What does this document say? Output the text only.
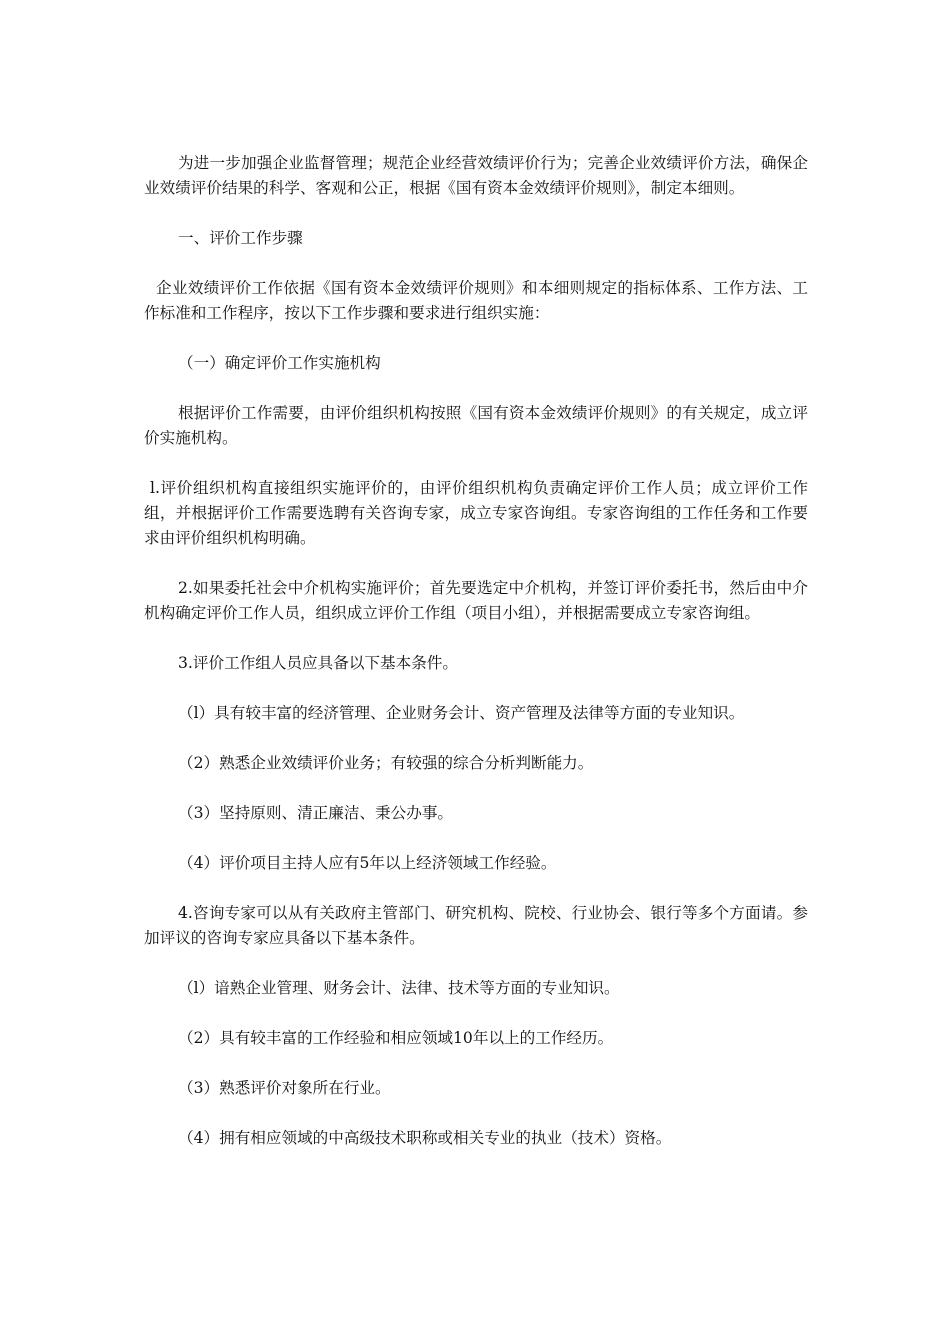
为进一步加强企业监督管理；规范企业经营效绩评价行为；完善企业效绩评价方法，确保企业效绩评价结果的科学、客观和公正，根据《国有资本金效绩评价规则》，制定本细则。

一、评价工作步骤

企业效绩评价工作依据《国有资本金效绩评价规则》和本细则规定的指标体系、工作方法、工作标准和工作程序，按以下工作步骤和要求进行组织实施：

（一）确定评价工作实施机构

根据评价工作需要，由评价组织机构按照《国有资本金效绩评价规则》的有关规定，成立评价实施机构。

l.评价组织机构直接组织实施评价的，由评价组织机构负责确定评价工作人员；成立评价工作组，并根据评价工作需要选聘有关咨询专家，成立专家咨询组。专家咨询组的工作任务和工作要求由评价组织机构明确。

2.如果委托社会中介机构实施评价；首先要选定中介机构，并签订评价委托书，然后由中介机构确定评价工作人员，组织成立评价工作组（项目小组），并根据需要成立专家咨询组。

3.评价工作组人员应具备以下基本条件。

（l）具有较丰富的经济管理、企业财务会计、资产管理及法律等方面的专业知识。

（2）熟悉企业效绩评价业务；有较强的综合分析判断能力。

（3）坚持原则、清正廉洁、秉公办事。

（4）评价项目主持人应有5年以上经济领域工作经验。

4.咨询专家可以从有关政府主管部门、研究机构、院校、行业协会、银行等多个方面请。参加评议的咨询专家应具备以下基本条件。

（l）谙熟企业管理、财务会计、法律、技术等方面的专业知识。

（2）具有较丰富的工作经验和相应领域10年以上的工作经历。

（3）熟悉评价对象所在行业。

（4）拥有相应领域的中高级技术职称或相关专业的执业（技术）资格。
